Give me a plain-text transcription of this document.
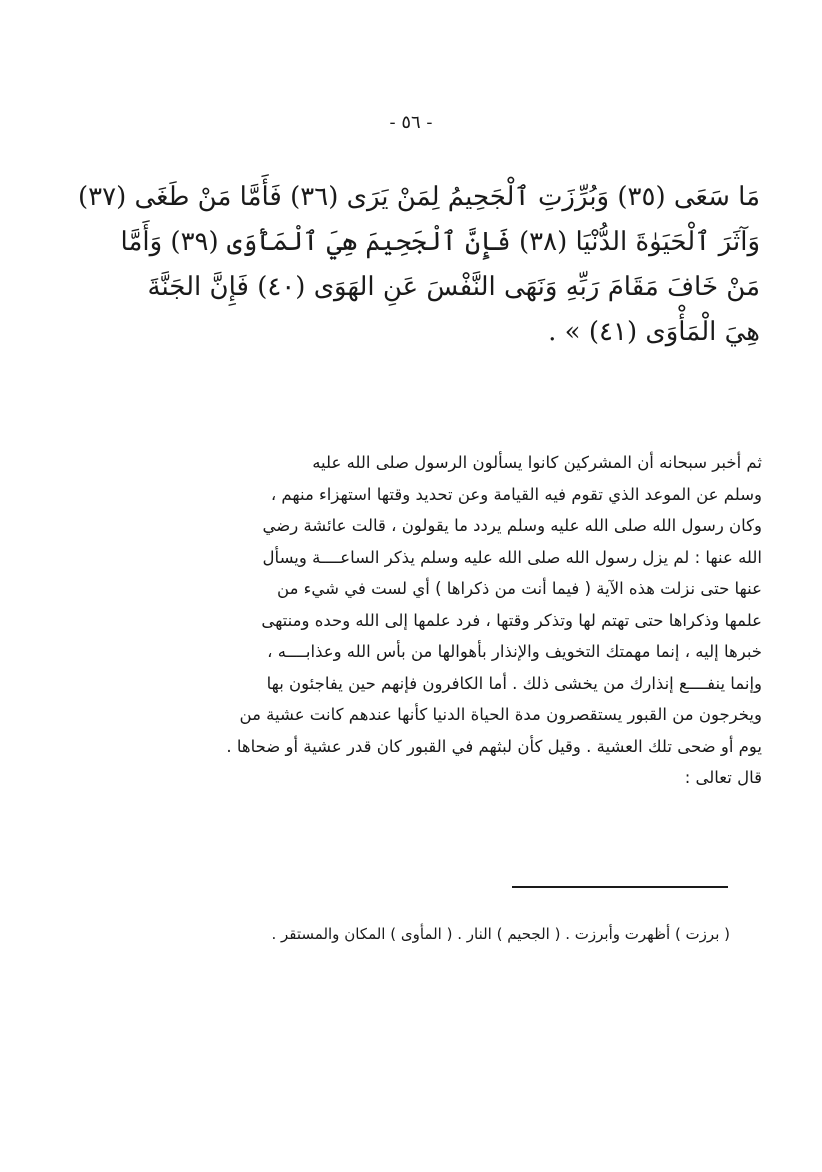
- ٥٦ -
مَا سَعَى (٣٥) وَبُرِّزَتِ ٱلْجَحِيمُ لِمَنْ يَرَى (٣٦) فَأَمَّا مَنْ طَغَى (٣٧)
وَآثَرَ ٱلْحَيَوٰةَ الدُّنْيَا (٣٨) فَإِنَّ ٱلْجَحِيمَ هِيَ ٱلْمَأْوَى (٣٩) وَأَمَّا
مَنْ خَافَ مَقَامَ رَبِّهِ وَنَهَى النَّفْسَ عَنِ الهَوَى (٤٠) فَإِنَّ الجَنَّةَ
هِيَ الْمَأْوَى (٤١) » .
ثم أخبر سبحانه أن المشركين كانوا يسألون الرسول صلى الله عليه
وسلم عن الموعد الذي تقوم فيه القيامة وعن تحديد وقتها استهزاء منهم ،
وكان رسول الله صلى الله عليه وسلم يردد ما يقولون ، قالت عائشة رضي
الله عنها : لم يزل رسول الله صلى الله عليه وسلم يذكر الساعــــة ويسأل
عنها حتى نزلت هذه الآية ( فيما أنت من ذكراها ) أي لست في شيء من
علمها وذكراها حتى تهتم لها وتذكر وقتها ، فرد علمها إلى الله وحده ومنتهى
خبرها إليه ، إنما مهمتك التخويف والإنذار بأهوالها من بأس الله وعذابــــه ،
وإنما ينفــــع إنذارك من يخشى ذلك . أما الكافرون فإنهم حين يفاجئون بها
ويخرجون من القبور يستقصرون مدة الحياة الدنيا كأنها عندهم كانت عشية من
يوم أو ضحى تلك العشية . وقيل كأن لبثهم في القبور كان قدر عشية أو ضحاها .
قال تعالى :
( برزت ) أظهرت وأبرزت . ( الجحيم ) النار . ( المأوى ) المكان والمستقر .
